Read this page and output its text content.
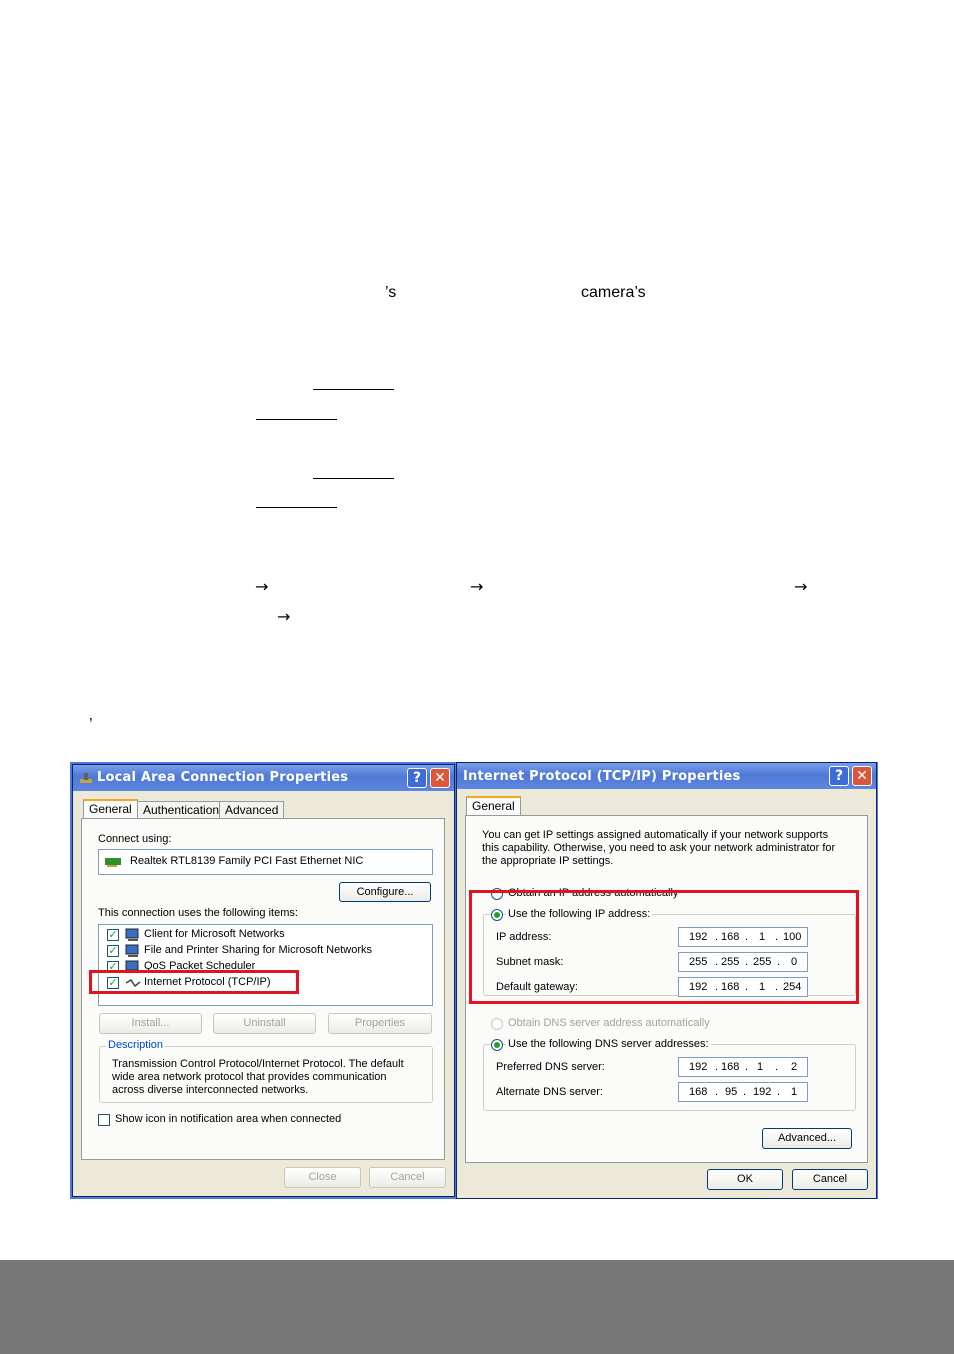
’s	camera’s
→	→	→
→
’
Local Area Connection Properties	? ✕
General Authentication Advanced
Connect using:
Realtek RTL8139 Family PCI Fast Ethernet NIC
Configure...
This connection uses the following items:
✓ Client for Microsoft Networks
✓ File and Printer Sharing for Microsoft Networks
✓ QoS Packet Scheduler
✓ Internet Protocol (TCP/IP)
Install...	Uninstall	Properties
Description
Transmission Control Protocol/Internet Protocol. The default
wide area network protocol that provides communication
across diverse interconnected networks.
Show icon in notification area when connected
Close	Cancel
Internet Protocol (TCP/IP) Properties	? ✕
General
You can get IP settings assigned automatically if your network supports
this capability. Otherwise, you need to ask your network administrator for
the appropriate IP settings.
Obtain an IP address automatically
Use the following IP address:
IP address:	192 . 168 . 1 . 100
Subnet mask:	255 . 255 . 255 . 0
Default gateway:	192 . 168 . 1 . 254
Obtain DNS server address automatically
Use the following DNS server addresses:
Preferred DNS server:	192 . 168 . 1 . 2
Alternate DNS server:	168 . 95 . 192 . 1
Advanced...
OK	Cancel
